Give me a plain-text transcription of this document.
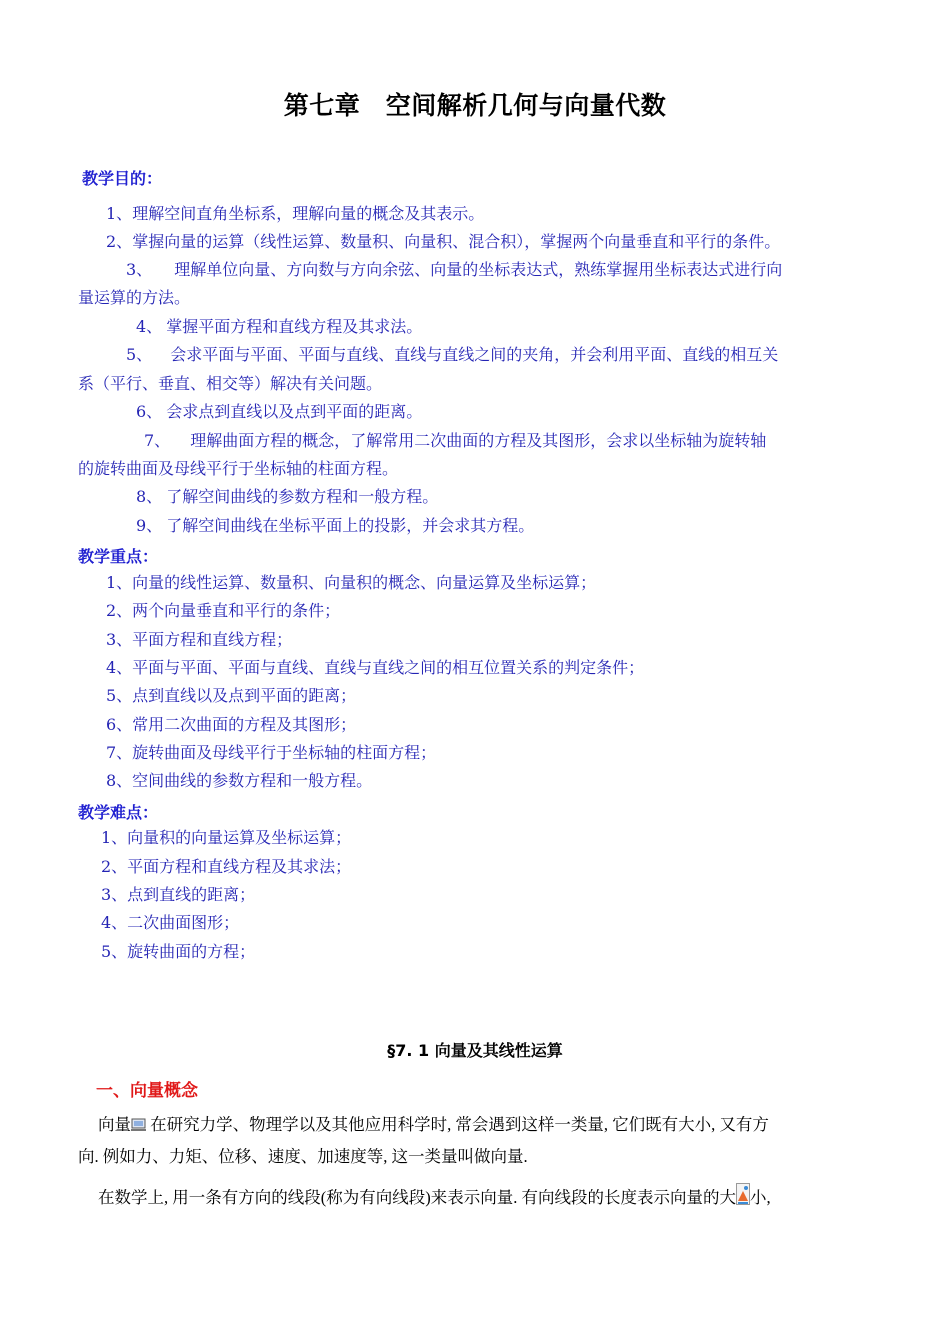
第七章　空间解析几何与向量代数
教学目的：
1、理解空间直角坐标系，理解向量的概念及其表示。
2、掌握向量的运算（线性运算、数量积、向量积、混合积），掌握两个向量垂直和平行的条件。
3、 理解单位向量、方向数与方向余弦、向量的坐标表达式，熟练掌握用坐标表达式进行向
量运算的方法。
4、 掌握平面方程和直线方程及其求法。
5、 会求平面与平面、平面与直线、直线与直线之间的夹角，并会利用平面、直线的相互关
系（平行、垂直、相交等）解决有关问题。
6、 会求点到直线以及点到平面的距离。
7、 理解曲面方程的概念，了解常用二次曲面的方程及其图形，会求以坐标轴为旋转轴
的旋转曲面及母线平行于坐标轴的柱面方程。
8、 了解空间曲线的参数方程和一般方程。
9、 了解空间曲线在坐标平面上的投影，并会求其方程。
教学重点：
1、向量的线性运算、数量积、向量积的概念、向量运算及坐标运算；
2、两个向量垂直和平行的条件；
3、平面方程和直线方程；
4、平面与平面、平面与直线、直线与直线之间的相互位置关系的判定条件；
5、点到直线以及点到平面的距离；
6、常用二次曲面的方程及其图形；
7、旋转曲面及母线平行于坐标轴的柱面方程；
8、空间曲线的参数方程和一般方程。
教学难点：
1、向量积的向量运算及坐标运算；
2、平面方程和直线方程及其求法；
3、点到直线的距离；
4、二次曲面图形；
5、旋转曲面的方程；
§7. 1 向量及其线性运算
一、向量概念
向量 在研究力学、物理学以及其他应用科学时, 常会遇到这样一类量, 它们既有大小, 又有方
向. 例如力、力矩、位移、速度、加速度等, 这一类量叫做向量.
在数学上, 用一条有方向的线段(称为有向线段)来表示向量. 有向线段的长度表示向量的大 小,
